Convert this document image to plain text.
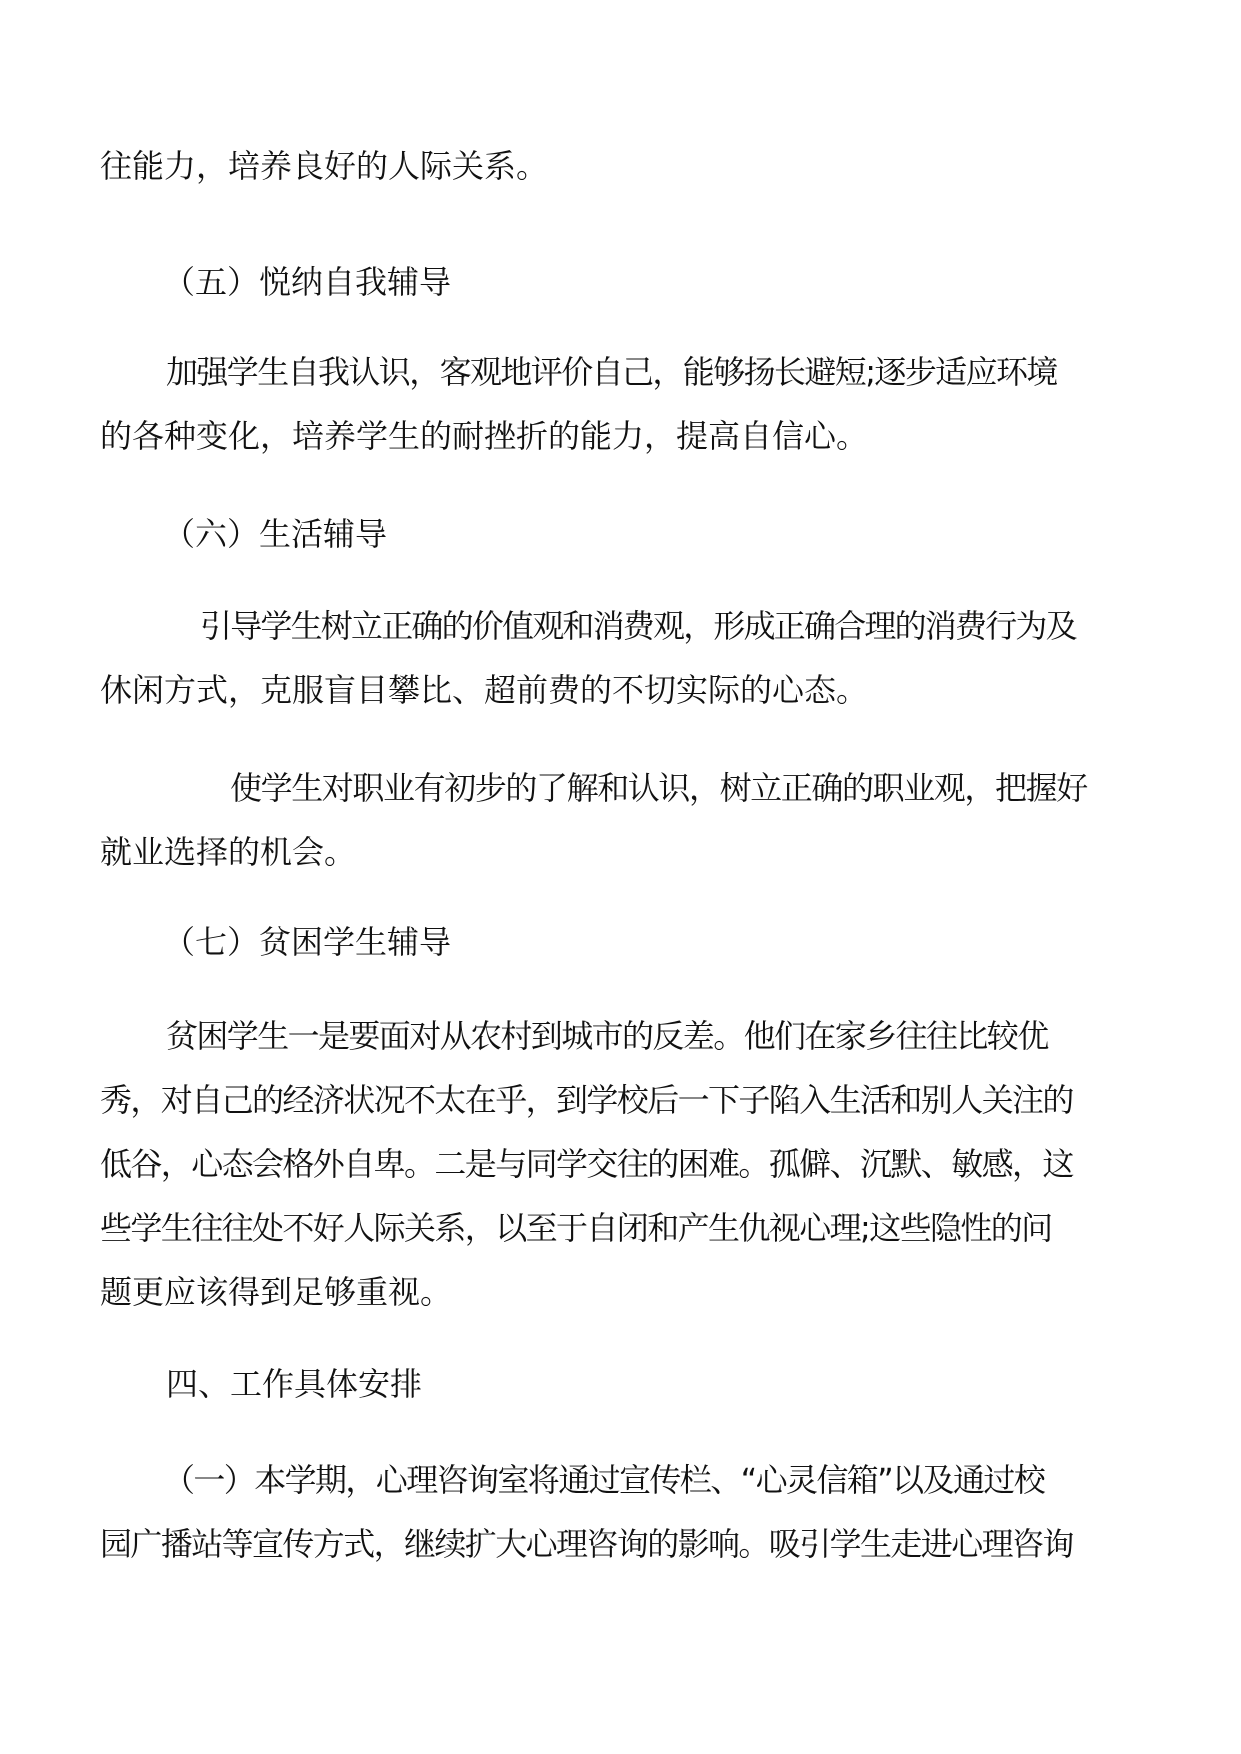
往能力，培养良好的人际关系。
（五）悦纳自我辅导
加强学生自我认识，客观地评价自己，能够扬长避短;逐步适应环境
的各种变化，培养学生的耐挫折的能力，提高自信心。
（六）生活辅导
引导学生树立正确的价值观和消费观，形成正确合理的消费行为及
休闲方式，克服盲目攀比、超前费的不切实际的心态。
使学生对职业有初步的了解和认识，树立正确的职业观，把握好
就业选择的机会。
（七）贫困学生辅导
贫困学生一是要面对从农村到城市的反差。他们在家乡往往比较优
秀，对自己的经济状况不太在乎，到学校后一下子陷入生活和别人关注的
低谷，心态会格外自卑。二是与同学交往的困难。孤僻、沉默、敏感，这
些学生往往处不好人际关系，以至于自闭和产生仇视心理;这些隐性的问
题更应该得到足够重视。
四、工作具体安排
（一）本学期，心理咨询室将通过宣传栏、“心灵信箱”以及通过校
园广播站等宣传方式，继续扩大心理咨询的影响。吸引学生走进心理咨询
